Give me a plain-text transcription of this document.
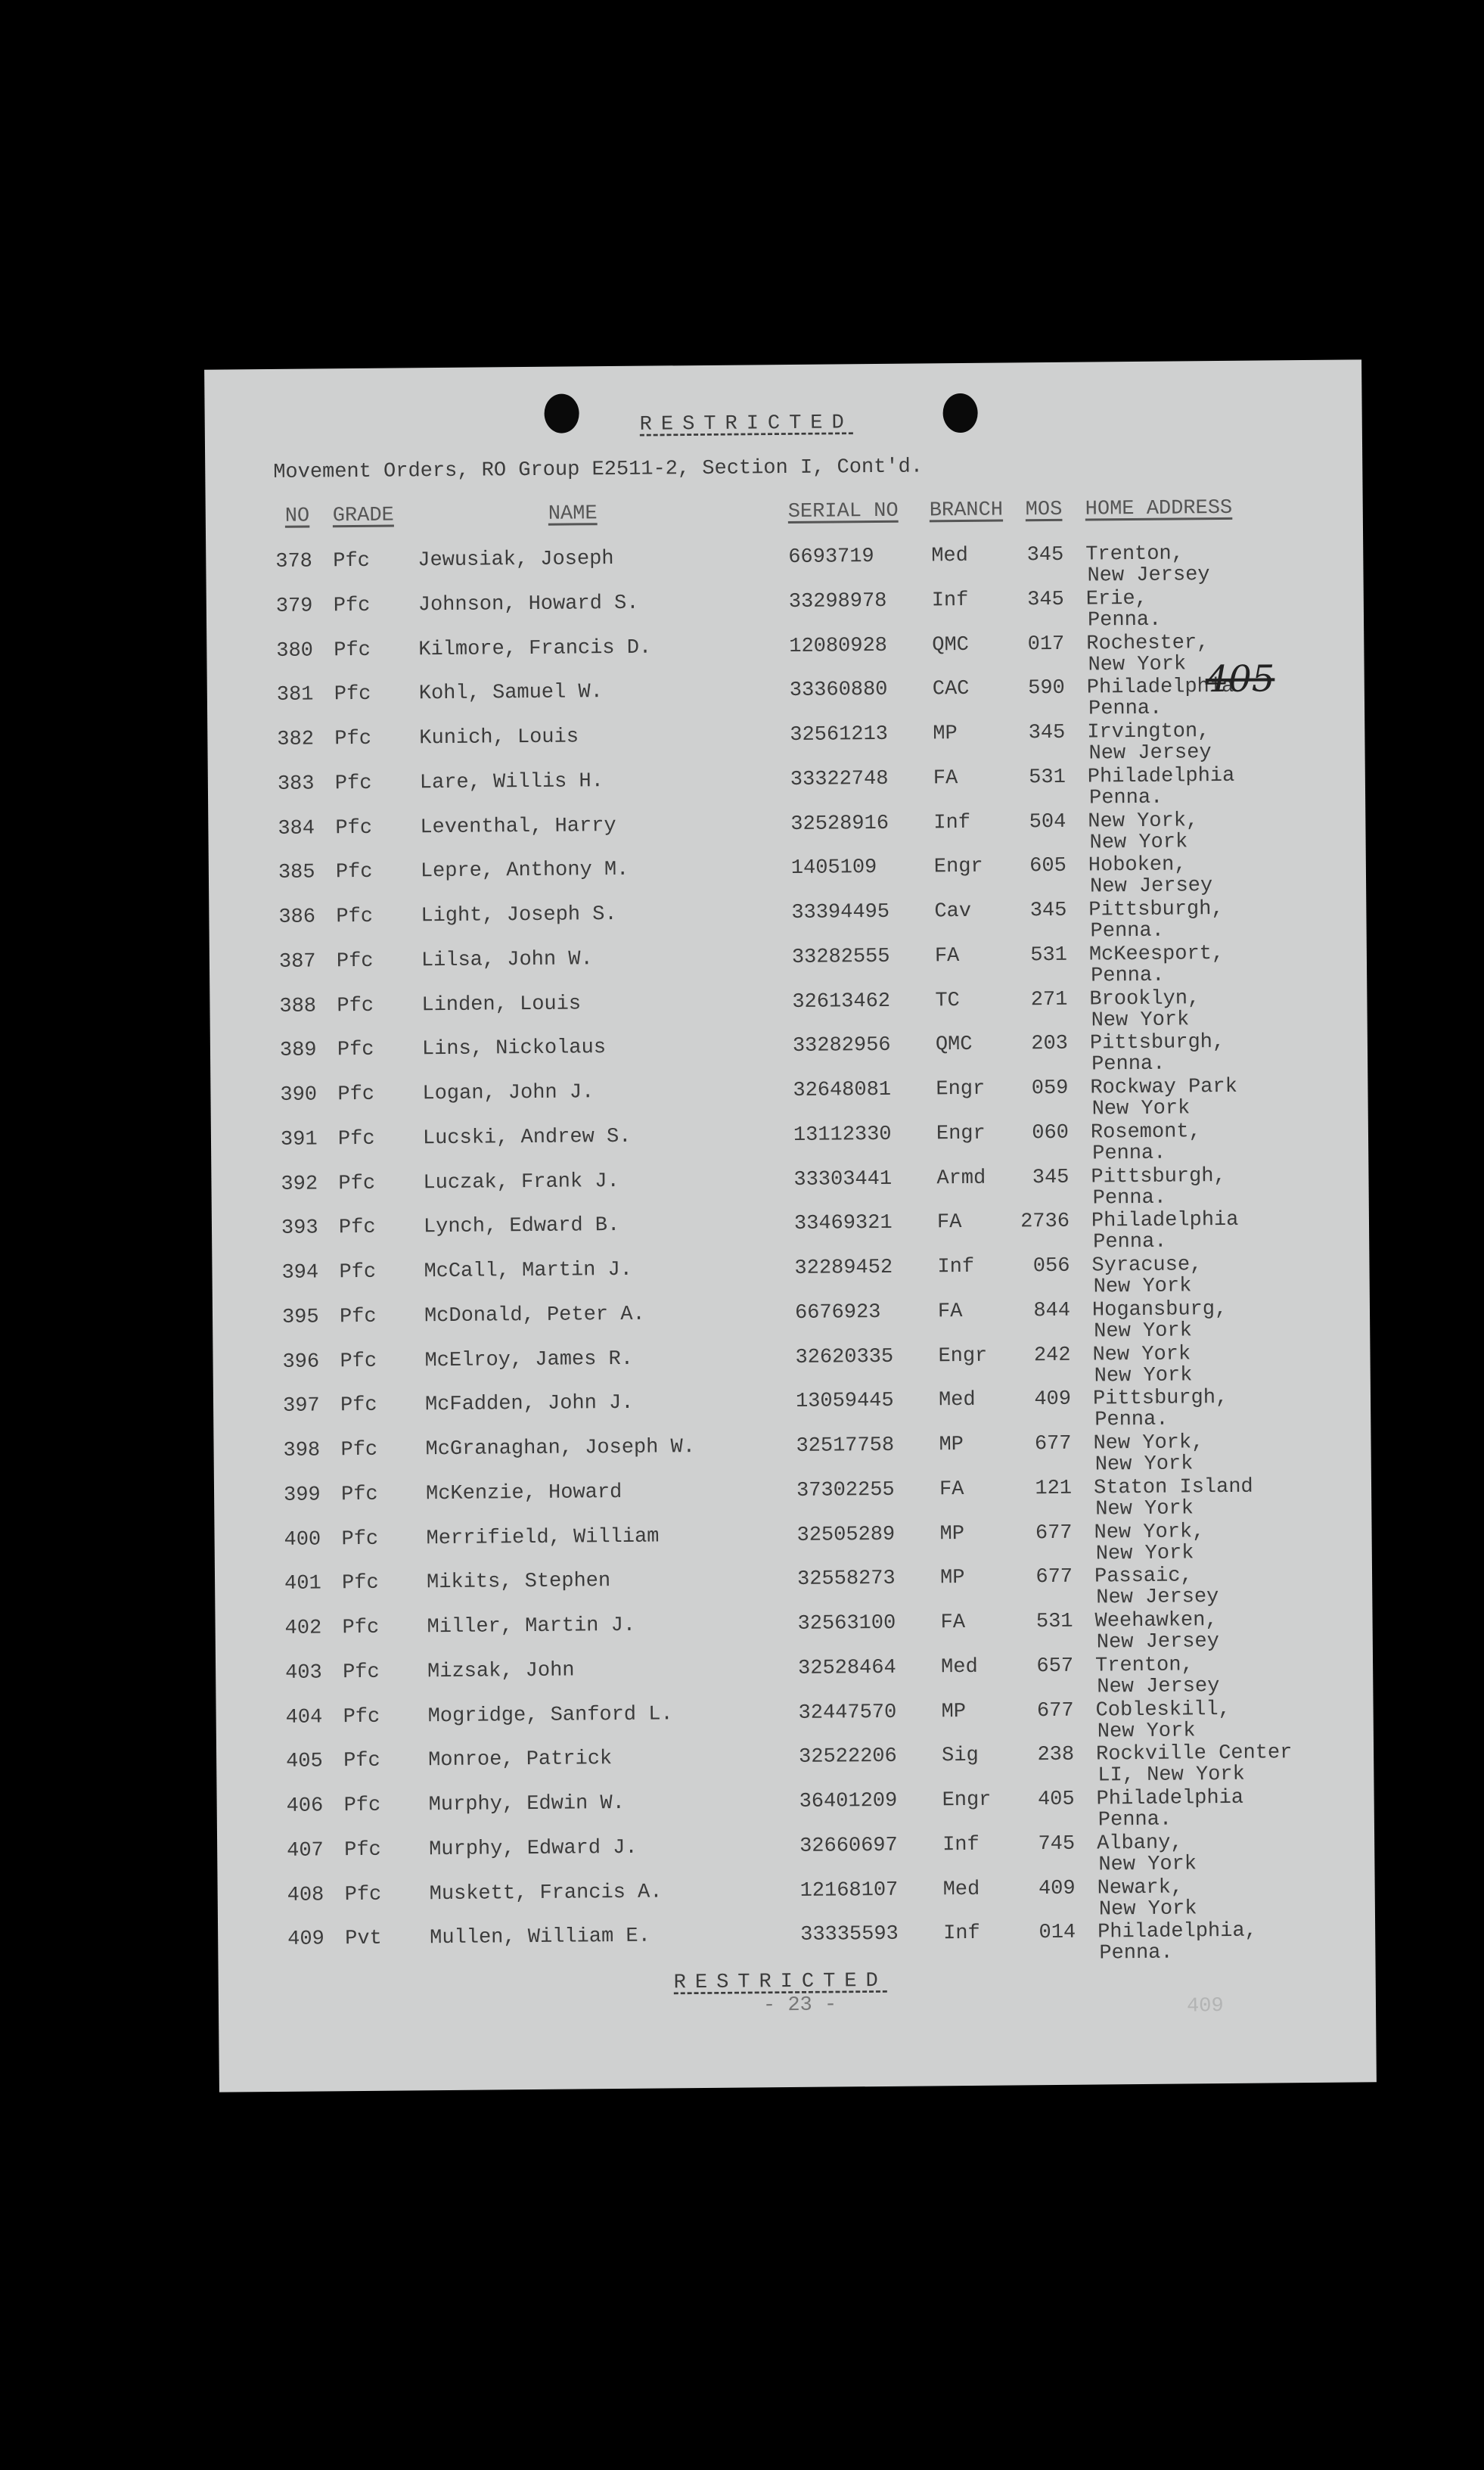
RESTRICTED
Movement Orders, RO Group E2511-2, Section I, Cont'd.
NO GRADE	NAME	SERIAL NO BRANCH MOS HOME ADDRESS
378 Pfc Jewusiak, Joseph	6693719	Med	345 Trenton,
New Jersey
379 Pfc Johnson, Howard S.	33298978 Inf	345 Erie,
Penna.
380 Pfc Kilmore, Francis D.	12080928 QMC	017 Rochester,
New York
381 Pfc Kohl, Samuel W.	33360880 CAC	590 Philadelphia
Penna.
382 Pfc Kunich, Louis	32561213 MP	345 Irvington,
New Jersey
383 Pfc Lare, Willis H.	33322748 FA	531 Philadelphia
Penna.
384 Pfc Leventhal, Harry	32528916 Inf	504 New York,
New York
385 Pfc Lepre, Anthony M.	1405109	Engr	605 Hoboken,
New Jersey
386 Pfc Light, Joseph S.	33394495 Cav	345 Pittsburgh,
Penna.
387 Pfc Lilsa, John W.	33282555 FA	531 McKeesport,
Penna.
388 Pfc Linden, Louis	32613462 TC	271 Brooklyn,
New York
389 Pfc Lins, Nickolaus	33282956 QMC	203 Pittsburgh,
Penna.
390 Pfc Logan, John J.	32648081 Engr	059 Rockway Park
New York
391 Pfc Lucski, Andrew S.	13112330 Engr	060 Rosemont,
Penna.
392 Pfc Luczak, Frank J.	33303441 Armd	345 Pittsburgh,
Penna.
393 Pfc Lynch, Edward B.	33469321 FA	2736 Philadelphia
Penna.
394 Pfc McCall, Martin J.	32289452 Inf	056 Syracuse,
New York
395 Pfc McDonald, Peter A.	6676923	FA	844 Hogansburg,
New York
396 Pfc McElroy, James R.	32620335 Engr	242 New York
New York
397 Pfc McFadden, John J.	13059445 Med	409 Pittsburgh,
Penna.
398 Pfc McGranaghan, Joseph W.	32517758 MP	677 New York,
New York
399 Pfc McKenzie, Howard	37302255 FA	121 Staton Island
New York
400 Pfc Merrifield, William	32505289 MP	677 New York,
New York
401 Pfc Mikits, Stephen	32558273 MP	677 Passaic,
New Jersey
402 Pfc Miller, Martin J.	32563100 FA	531 Weehawken,
New Jersey
403 Pfc Mizsak, John	32528464 Med	657 Trenton,
New Jersey
404 Pfc Mogridge, Sanford L.	32447570 MP	677 Cobleskill,
New York
405 Pfc Monroe, Patrick	32522206 Sig	238 Rockville Center
LI, New York
406 Pfc Murphy, Edwin W.	36401209 Engr	405 Philadelphia
Penna.
407 Pfc Murphy, Edward J.	32660697 Inf	745 Albany,
New York
408 Pfc Muskett, Francis A.	12168107 Med	409 Newark,
New York
409 Pvt Mullen, William E.	33335593 Inf	014 Philadelphia,
Penna.
405
RESTRICTED
- 23 -	409
